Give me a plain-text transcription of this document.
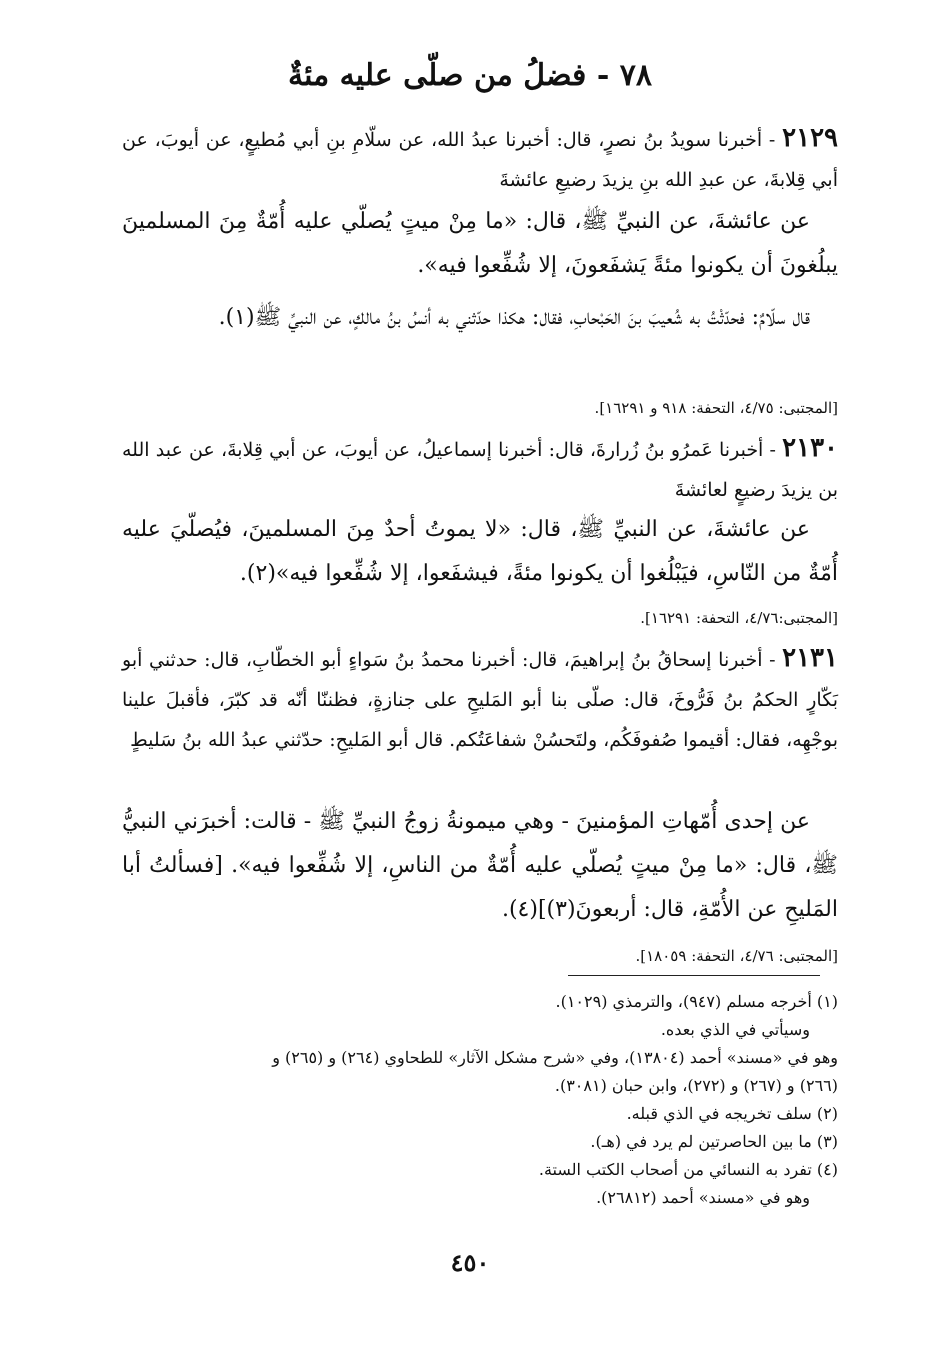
٧٨ - فضلُ من صلّى عليه مئةٌ
٢١٢٩ - أخبرنا سويدُ بنُ نصرٍ، قال: أخبرنا عبدُ الله، عن سلّامِ بنِ أبي مُطيعٍ، عن أيوبَ، عن أبي قِلابةَ، عن عبدِ الله بنِ يزيدَ رضيعِ عائشةَ
عن عائشةَ، عن النبيِّ ﷺ، قال: «ما مِنْ ميتٍ يُصلّي عليه أُمّةٌ مِنَ المسلمينَ يبلُغونَ أن يكونوا مئةً يَشفَعونَ، إلا شُفِّعوا فيه».
قال سلّامٌ: فحدّثْتُ به شُعيبَ بنَ الحَبْحابِ، فقال: هكذا حدّثني به أنسُ بنُ مالكٍ، عن النبيِّ ﷺ(١).
[المجتبى: ٤/٧٥، التحفة: ٩١٨ و ١٦٢٩١].
٢١٣٠ - أخبرنا عَمرُو بنُ زُرارةَ، قال: أخبرنا إسماعيلُ، عن أيوبَ، عن أبي قِلابةَ، عن عبد الله بن يزيدَ رضيعٍ لعائشةَ
عن عائشةَ، عن النبيِّ ﷺ، قال: «لا يموتُ أحدٌ مِنَ المسلمينَ، فيُصلّيَ عليه أُمّةٌ من النّاسِ، فيَبْلُغوا أن يكونوا مئةً، فيشفَعوا، إلا شُفِّعوا فيه»(٢).
[المجتبى:٤/٧٦، التحفة: ١٦٢٩١].
٢١٣١ - أخبرنا إسحاقُ بنُ إبراهيمَ، قال: أخبرنا محمدُ بنُ سَواءٍ أبو الخطّابِ، قال: حدثني أبو بَكّارٍ الحكمُ بنُ فَرُّوخَ، قال: صلّى بنا أبو المَليحِ على جنازةٍ، فظننّا أنّه قد كبّرَ، فأقبلَ علينا بوجْهِه، فقال: أقيموا صُفوفَكُم، ولتَحسُنْ شفاعَتُكم. قال أبو المَليحِ: حدّثني عبدُ الله بنُ سَليطٍ
عن إحدى أُمّهاتِ المؤمنينَ - وهي ميمونةُ زوجُ النبيِّ ﷺ - قالت: أخبرَني النبيُّ ﷺ، قال: «ما مِنْ ميتٍ يُصلّي عليه أُمّةٌ من الناسِ، إلا شُفِّعوا فيه». [فسألتُ أبا المَليحِ عن الأُمّةِ، قال: أربعونَ(٣)](٤).
[المجتبى: ٤/٧٦، التحفة: ١٨٠٥٩].
(١) أخرجه مسلم (٩٤٧)، والترمذي (١٠٢٩).
وسيأتي في الذي بعده.
وهو في «مسند» أحمد (١٣٨٠٤)، وفي «شرح مشكل الآثار» للطحاوي (٢٦٤) و (٢٦٥) و
(٢٦٦) و (٢٦٧) و (٢٧٢)، وابن حبان (٣٠٨١).
(٢) سلف تخريجه في الذي قبله.
(٣) ما بين الحاصرتين لم يرد في (هـ).
(٤) تفرد به النسائي من أصحاب الكتب الستة.
وهو في «مسند» أحمد (٢٦٨١٢).
٤٥٠
